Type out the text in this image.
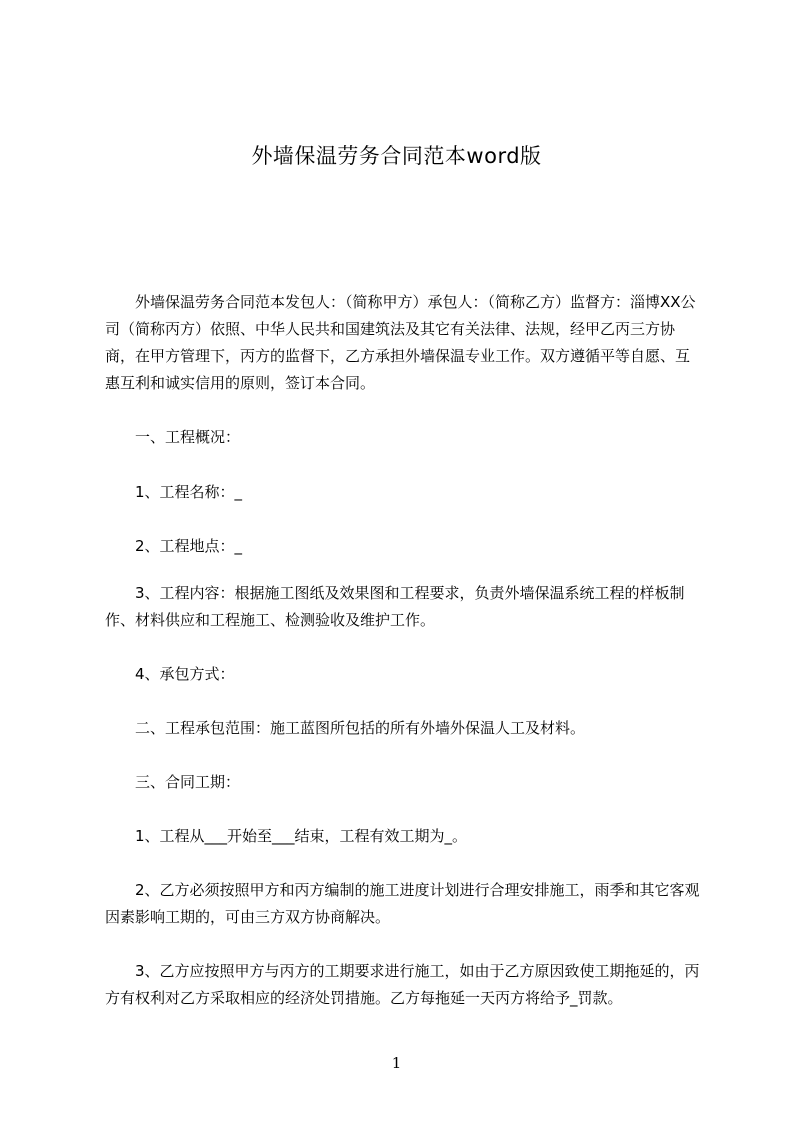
外墙保温劳务合同范本word版

　　外墙保温劳务合同范本发包人：（简称甲方）承包人：（简称乙方）监督方：淄博XX公司（简称丙方）依照、中华人民共和国建筑法及其它有关法律、法规，经甲乙丙三方协商，在甲方管理下，丙方的监督下，乙方承担外墙保温专业工作。双方遵循平等自愿、互惠互利和诚实信用的原则，签订本合同。

　　一、工程概况：

　　1、工程名称：_

　　2、工程地点：_

　　3、工程内容：根据施工图纸及效果图和工程要求，负责外墙保温系统工程的样板制作、材料供应和工程施工、检测验收及维护工作。

　　4、承包方式：

　　二、工程承包范围：施工蓝图所包括的所有外墙外保温人工及材料。

　　三、合同工期：

　　1、工程从___开始至___结束，工程有效工期为_。

　　2、乙方必须按照甲方和丙方编制的施工进度计划进行合理安排施工，雨季和其它客观因素影响工期的，可由三方双方协商解决。

　　3、乙方应按照甲方与丙方的工期要求进行施工，如由于乙方原因致使工期拖延的，丙方有权利对乙方采取相应的经济处罚措施。乙方每拖延一天丙方将给予_罚款。

1
